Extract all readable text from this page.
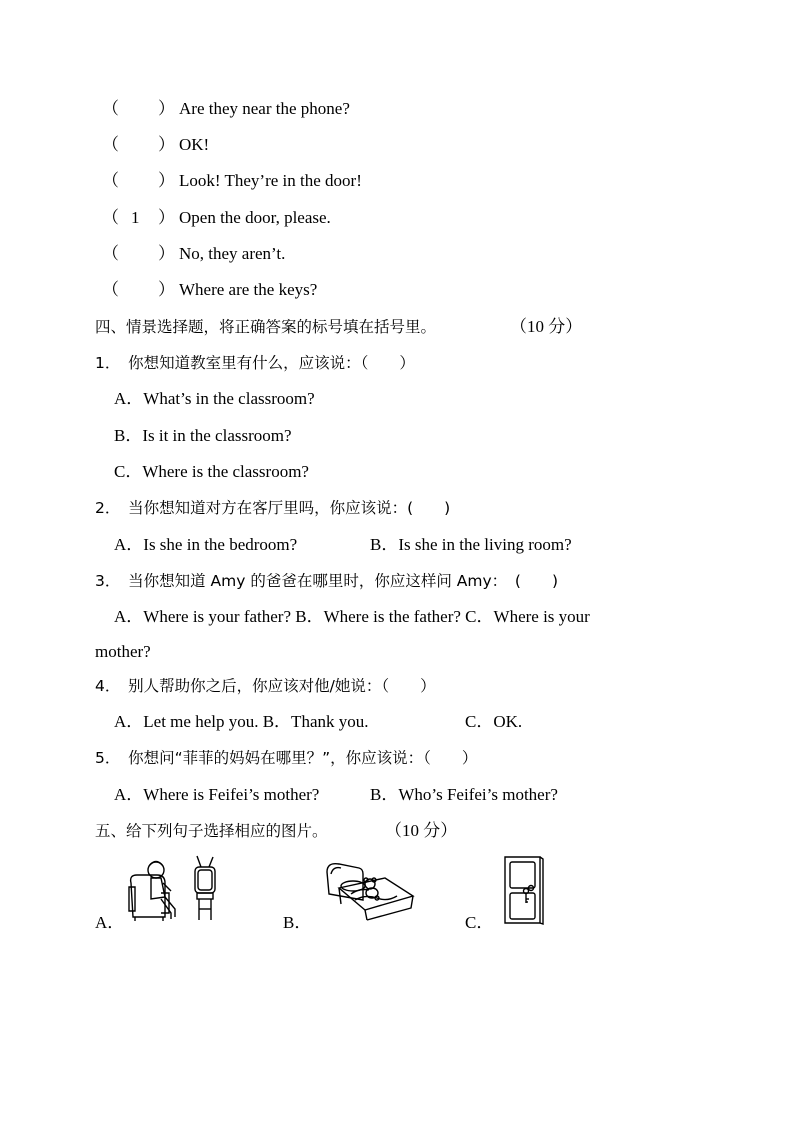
（ ） Are they near the phone?
（ ） OK!
（ ） Look! They’re in the door!
（ 1 ） Open the door, please.
（ ） No, they aren’t.
（ ） Where are the keys?
四、情景选择题，将正确答案的标号填在括号里。	（10 分）
1．　你想知道教室里有什么，应该说：（　　）
A．What’s in the classroom?
B．Is it in the classroom?
C．Where is the classroom?
2．　当你想知道对方在客厅里吗，你应该说：(　　)
A．Is she in the bedroom?	B．Is she in the living room?
3．　当你想知道 Amy 的爸爸在哪里时，你应这样问 Amy：　(　　)
A．Where is your father? B．Where is the father? C．Where is your
mother?
4．　别人帮助你之后，你应该对他/她说：（　　）
A．Let me help you. B．Thank you.	C．OK.
5．　你想问“菲菲的妈妈在哪里？”，你应该说：（　　）
A．Where is Feifei’s mother?	B．Who’s Feifei’s mother?
五、给下列句子选择相应的图片。	（10 分）
A．	B．	C．
